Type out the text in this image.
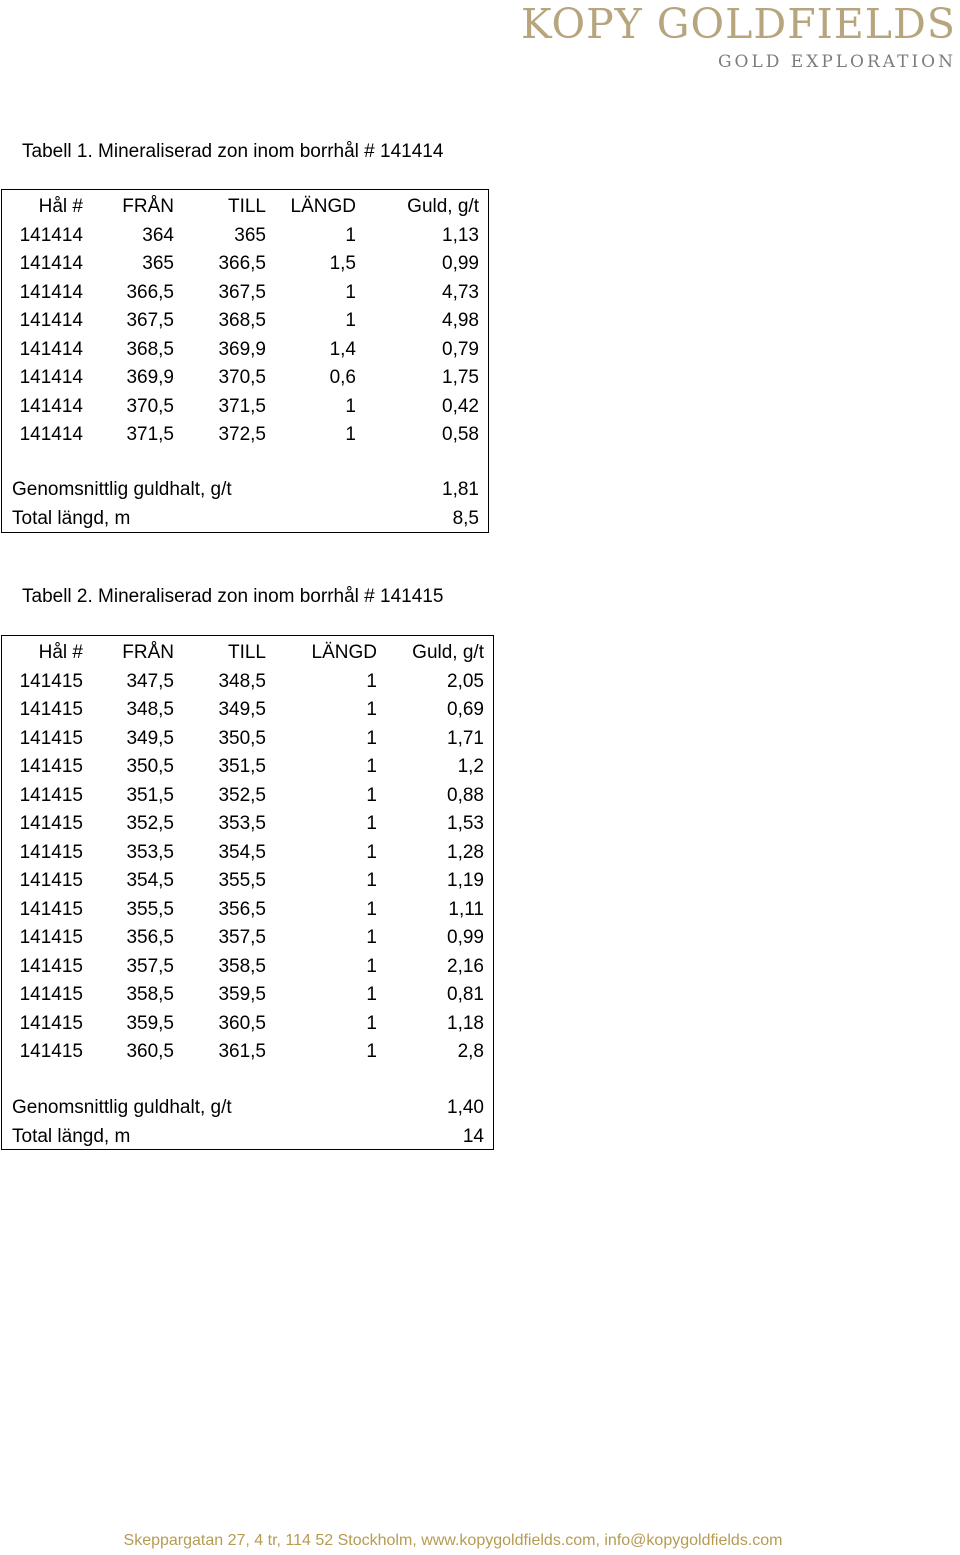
KOPY GOLDFIELDS
GOLD EXPLORATION
Tabell 1. Mineraliserad zon inom borrhål # 141414
Hål #	FRÅN	TILL	LÄNGD	Guld, g/t
141414	364	365	1	1,13
141414	365	366,5	1,5	0,99
141414	366,5	367,5	1	4,73
141414	367,5	368,5	1	4,98
141414	368,5	369,9	1,4	0,79
141414	369,9	370,5	0,6	1,75
141414	370,5	371,5	1	0,42
141414	371,5	372,5	1	0,58
Genomsnittlig guldhalt, g/t	1,81
Total längd, m	8,5
Tabell 2. Mineraliserad zon inom borrhål # 141415
Hål #	FRÅN	TILL	LÄNGD	Guld, g/t
141415	347,5	348,5	1	2,05
141415	348,5	349,5	1	0,69
141415	349,5	350,5	1	1,71
141415	350,5	351,5	1	1,2
141415	351,5	352,5	1	0,88
141415	352,5	353,5	1	1,53
141415	353,5	354,5	1	1,28
141415	354,5	355,5	1	1,19
141415	355,5	356,5	1	1,11
141415	356,5	357,5	1	0,99
141415	357,5	358,5	1	2,16
141415	358,5	359,5	1	0,81
141415	359,5	360,5	1	1,18
141415	360,5	361,5	1	2,8
Genomsnittlig guldhalt, g/t	1,40
Total längd, m	14
Skeppargatan 27, 4 tr, 114 52 Stockholm, www.kopygoldfields.com, info@kopygoldfields.com
